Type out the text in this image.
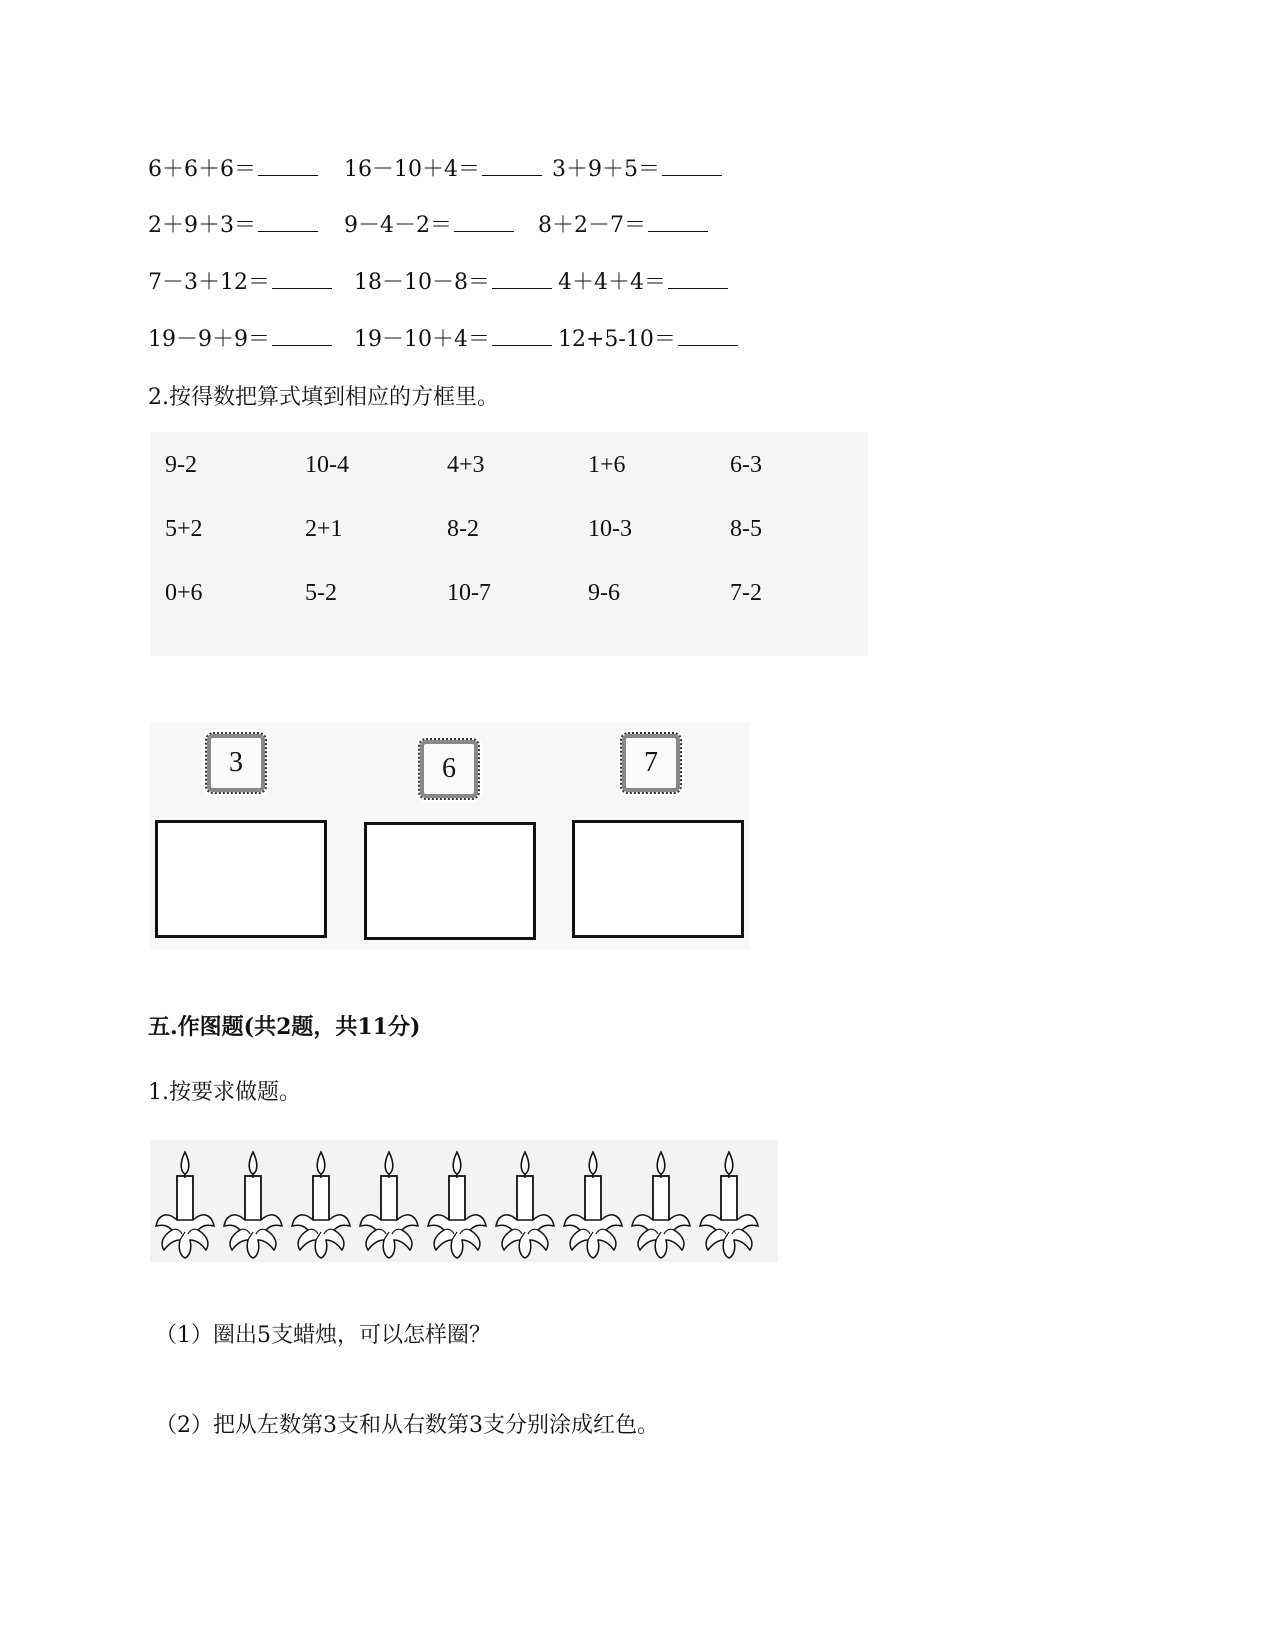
6＋6＋6＝	16－10＋4＝	3＋9＋5＝
2＋9＋3＝	9－4－2＝	8＋2－7＝
7－3＋12＝	18－10－8＝	4＋4＋4＝
19－9＋9＝	19－10＋4＝	12+5-10＝
2.按得数把算式填到相应的方框里。
9-2	10-4	4+3	1+6	6-3
5+2	2+1	8-2	10-3	8-5
0+6	5-2	10-7	9-6	7-2
3	6	7
五.作图题(共2题，共11分)
1.按要求做题。
（1）圈出5支蜡烛，可以怎样圈？
（2）把从左数第3支和从右数第3支分别涂成红色。
